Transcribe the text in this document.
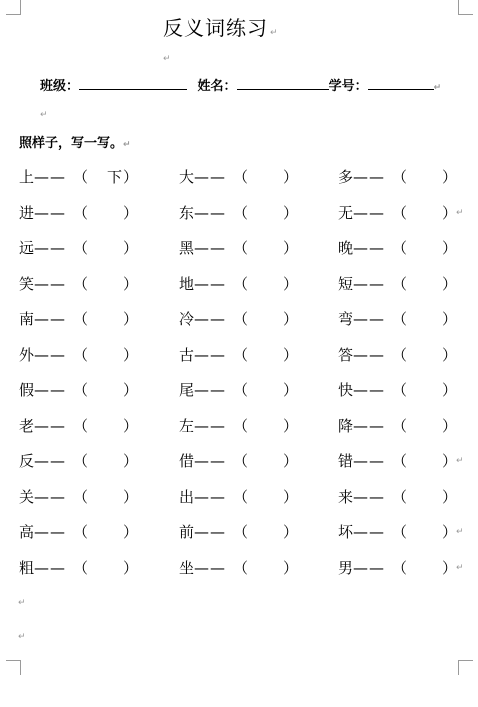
反义词练习 ↵
↵
班级：	姓名：	学号：	↵
↵
照样子，写一写。↵
上—— （ 下 ）	大—— （ ）	多—— （ ）
进—— （ ）	东—— （ ）	无—— （ ）
↵
远—— （ ）	黑—— （ ）	晚—— （ ）
笑—— （ ）	地—— （ ）	短—— （ ）
南—— （ ）	冷—— （ ）	弯—— （ ）
外—— （ ）	古—— （ ）	答—— （ ）
假—— （ ）	尾—— （ ）	快—— （ ）
老—— （ ）	左—— （ ）	降—— （ ）
反—— （ ）	借—— （ ）	错—— （ ）
↵
关—— （ ）	出—— （ ）	来—— （ ）
高—— （ ）	前—— （ ）	坏—— （ ）
↵
粗—— （ ）	坐—— （ ）	男—— （ ）
↵
↵
↵
